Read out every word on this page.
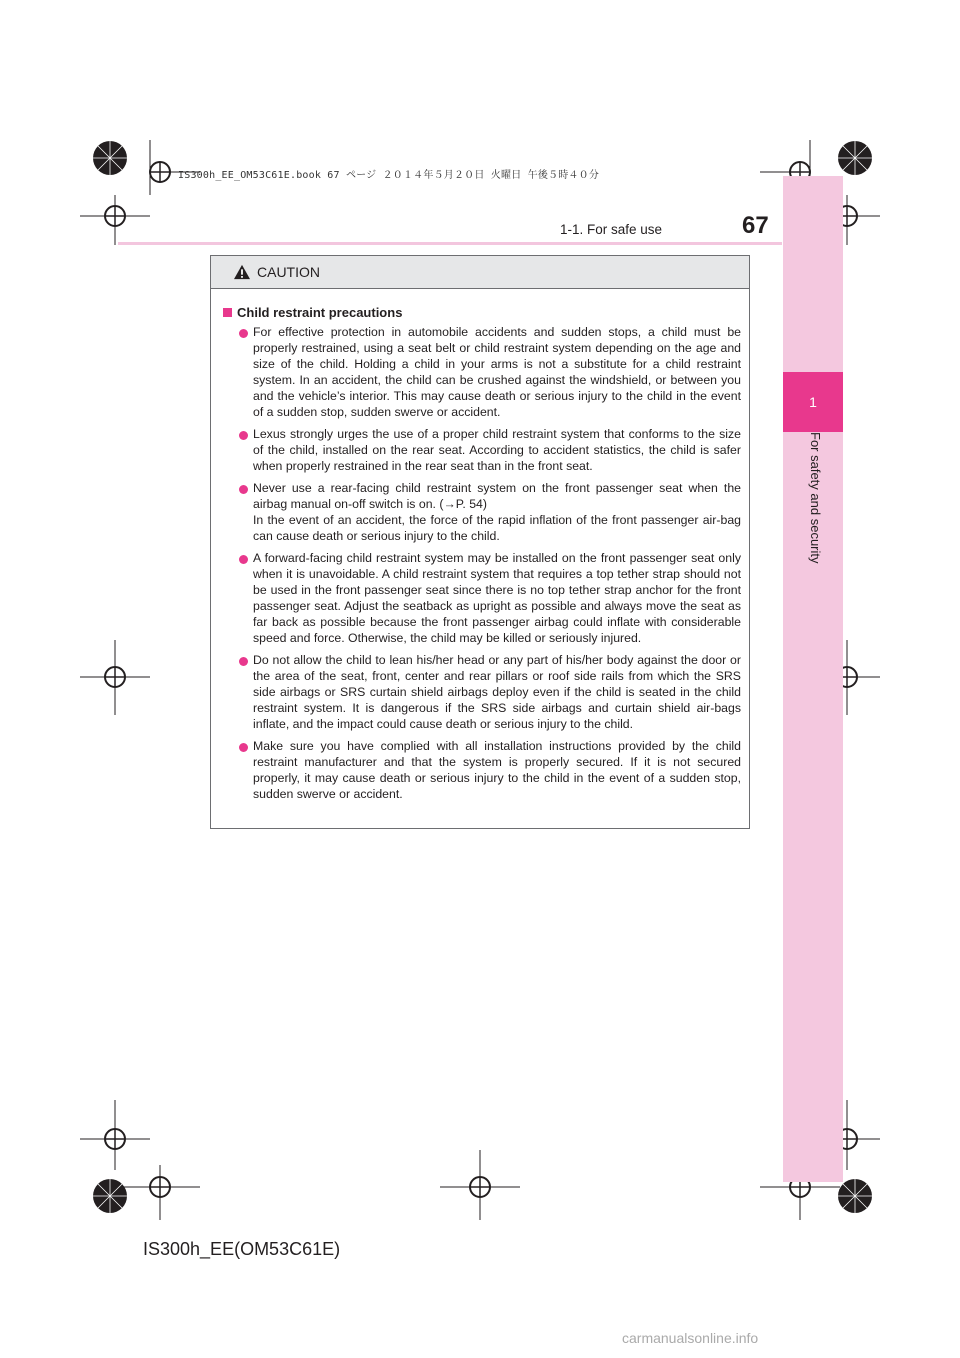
1
For safety and security
IS300h_EE_OM53C61E.book 67 ページ ２０１４年５月２０日 火曜日 午後５時４０分
1-1. For safe use	67
CAUTION
Child restraint precautions

For effective protection in automobile accidents and sudden stops, a child must be properly restrained, using a seat belt or child restraint system depending on the age and size of the child. Holding a child in your arms is not a substitute for a child restraint system. In an accident, the child can be crushed against the windshield, or between you and the vehicle’s interior. This may cause death or serious injury to the child in the event of a sudden stop, sudden swerve or accident.

Lexus strongly urges the use of a proper child restraint system that conforms to the size of the child, installed on the rear seat. According to accident statistics, the child is safer when properly restrained in the rear seat than in the front seat.

Never use a rear-facing child restraint system on the front passenger seat when the airbag manual on-off switch is on. (→P. 54)

In the event of an accident, the force of the rapid inflation of the front passenger air-bag can cause death or serious injury to the child.

A forward-facing child restraint system may be installed on the front passenger seat only when it is unavoidable. A child restraint system that requires a top tether strap should not be used in the front passenger seat since there is no top tether strap anchor for the front passenger seat. Adjust the seatback as upright as possible and always move the seat as far back as possible because the front passenger airbag could inflate with considerable speed and force. Otherwise, the child may be killed or seriously injured.

Do not allow the child to lean his/her head or any part of his/her body against the door or the area of the seat, front, center and rear pillars or roof side rails from which the SRS side airbags or SRS curtain shield airbags deploy even if the child is seated in the child restraint system. It is dangerous if the SRS side airbags and curtain shield air-bags inflate, and the impact could cause death or serious injury to the child.

Make sure you have complied with all installation instructions provided by the child restraint manufacturer and that the system is properly secured. If it is not secured properly, it may cause death or serious injury to the child in the event of a sudden stop, sudden swerve or accident.

IS300h_EE(OM53C61E)
carmanualsonline.info
